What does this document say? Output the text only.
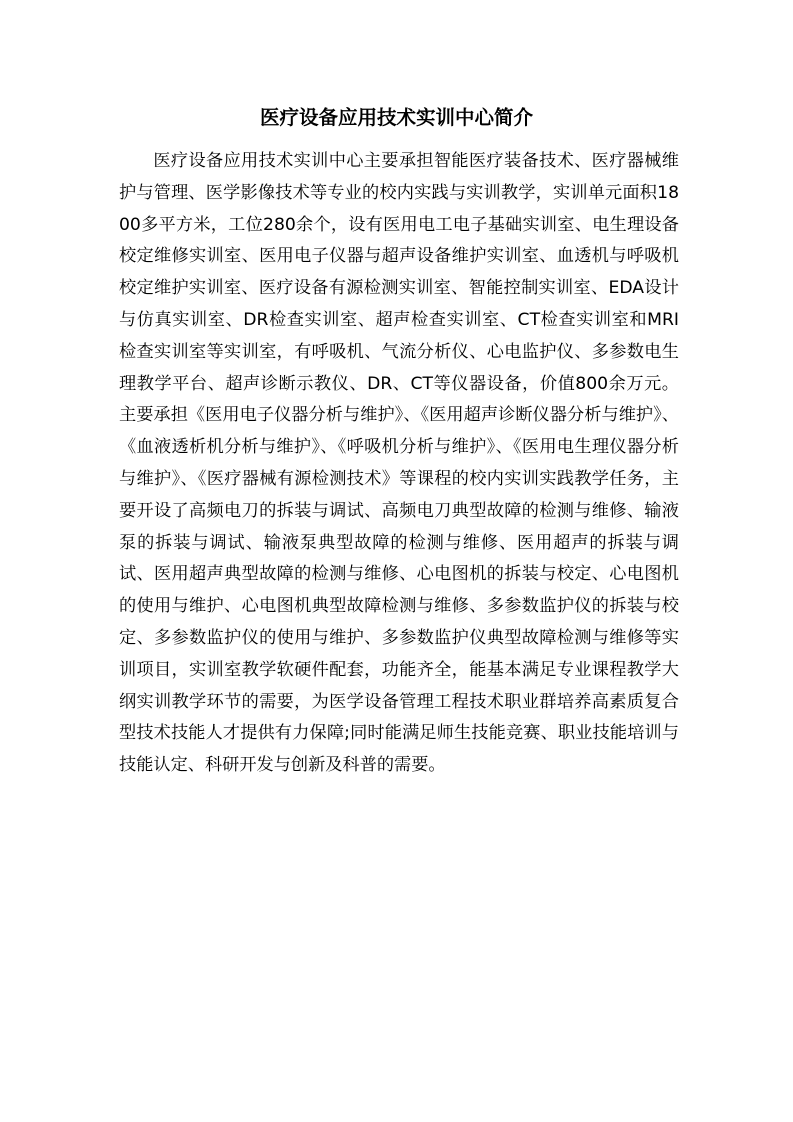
医疗设备应用技术实训中心简介

医疗设备应用技术实训中心主要承担智能医疗装备技术、医疗器械维护与管理、医学影像技术等专业的校内实践与实训教学，实训单元面积1800多平方米，工位280余个，设有医用电工电子基础实训室、电生理设备校定维修实训室、医用电子仪器与超声设备维护实训室、血透机与呼吸机校定维护实训室、医疗设备有源检测实训室、智能控制实训室、EDA设计与仿真实训室、DR检查实训室、超声检查实训室、CT检查实训室和MRI检查实训室等实训室，有呼吸机、气流分析仪、心电监护仪、多参数电生理教学平台、超声诊断示教仪、DR、CT等仪器设备，价值800余万元。主要承担《医用电子仪器分析与维护》、《医用超声诊断仪器分析与维护》、《血液透析机分析与维护》、《呼吸机分析与维护》、《医用电生理仪器分析与维护》、《医疗器械有源检测技术》等课程的校内实训实践教学任务，主要开设了高频电刀的拆装与调试、高频电刀典型故障的检测与维修、输液泵的拆装与调试、输液泵典型故障的检测与维修、医用超声的拆装与调试、医用超声典型故障的检测与维修、心电图机的拆装与校定、心电图机的使用与维护、心电图机典型故障检测与维修、多参数监护仪的拆装与校定、多参数监护仪的使用与维护、多参数监护仪典型故障检测与维修等实训项目，实训室教学软硬件配套，功能齐全，能基本满足专业课程教学大纲实训教学环节的需要，为医学设备管理工程技术职业群培养高素质复合型技术技能人才提供有力保障;同时能满足师生技能竞赛、职业技能培训与技能认定、科研开发与创新及科普的需要。
